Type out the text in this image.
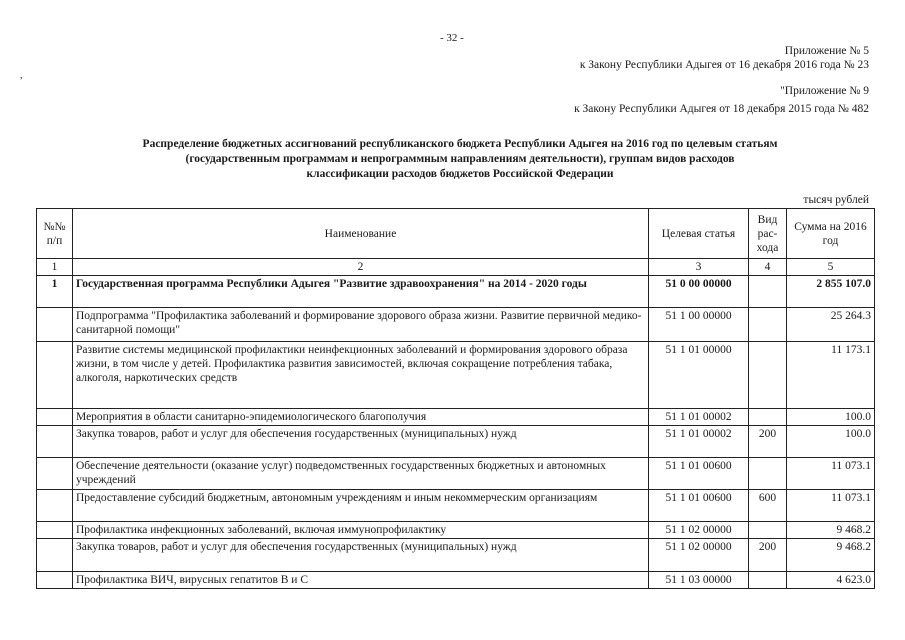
,
- 32 -
Приложение № 5
к Закону Республики Адыгея от 16 декабря 2016 года № 23
"Приложение № 9
к Закону Республики Адыгея от 18 декабря 2015 года № 482
Распределение бюджетных ассигнований республиканского бюджета Республики Адыгея на 2016 год по целевым статьям
(государственным программам и непрограммным направлениям деятельности), группам видов расходов
классификации расходов бюджетов Российской Федерации
тысяч рублей
№№ п/п	Наименование	Целевая статья	Вид рас- хода	Сумма на 2016 год
1	2	3	4	5
1	Государственная программа Республики Адыгея "Развитие здравоохранения" на 2014 - 2020 годы	51 0 00 00000		2 855 107.0
	Подпрограмма "Профилактика заболеваний и формирование здорового образа жизни. Развитие первичной медико-санитарной помощи"	51 1 00 00000		25 264.3
	Развитие системы медицинской профилактики неинфекционных заболеваний и формирования здорового образа жизни, в том числе у детей. Профилактика развития зависимостей, включая сокращение потребления табака, алкоголя, наркотических средств	51 1 01 00000		11 173.1
	Мероприятия в области санитарно-эпидемиологического благополучия	51 1 01 00002		100.0
	Закупка товаров, работ и услуг для обеспечения государственных (муниципальных) нужд	51 1 01 00002	200	100.0
	Обеспечение деятельности (оказание услуг) подведомственных государственных бюджетных и автономных учреждений	51 1 01 00600		11 073.1
	Предоставление субсидий бюджетным, автономным учреждениям и иным некоммерческим организациям	51 1 01 00600	600	11 073.1
	Профилактика инфекционных заболеваний, включая иммунопрофилактику	51 1 02 00000		9 468.2
	Закупка товаров, работ и услуг для обеспечения государственных (муниципальных) нужд	51 1 02 00000	200	9 468.2
	Профилактика ВИЧ, вирусных гепатитов В и С	51 1 03 00000		4 623.0
